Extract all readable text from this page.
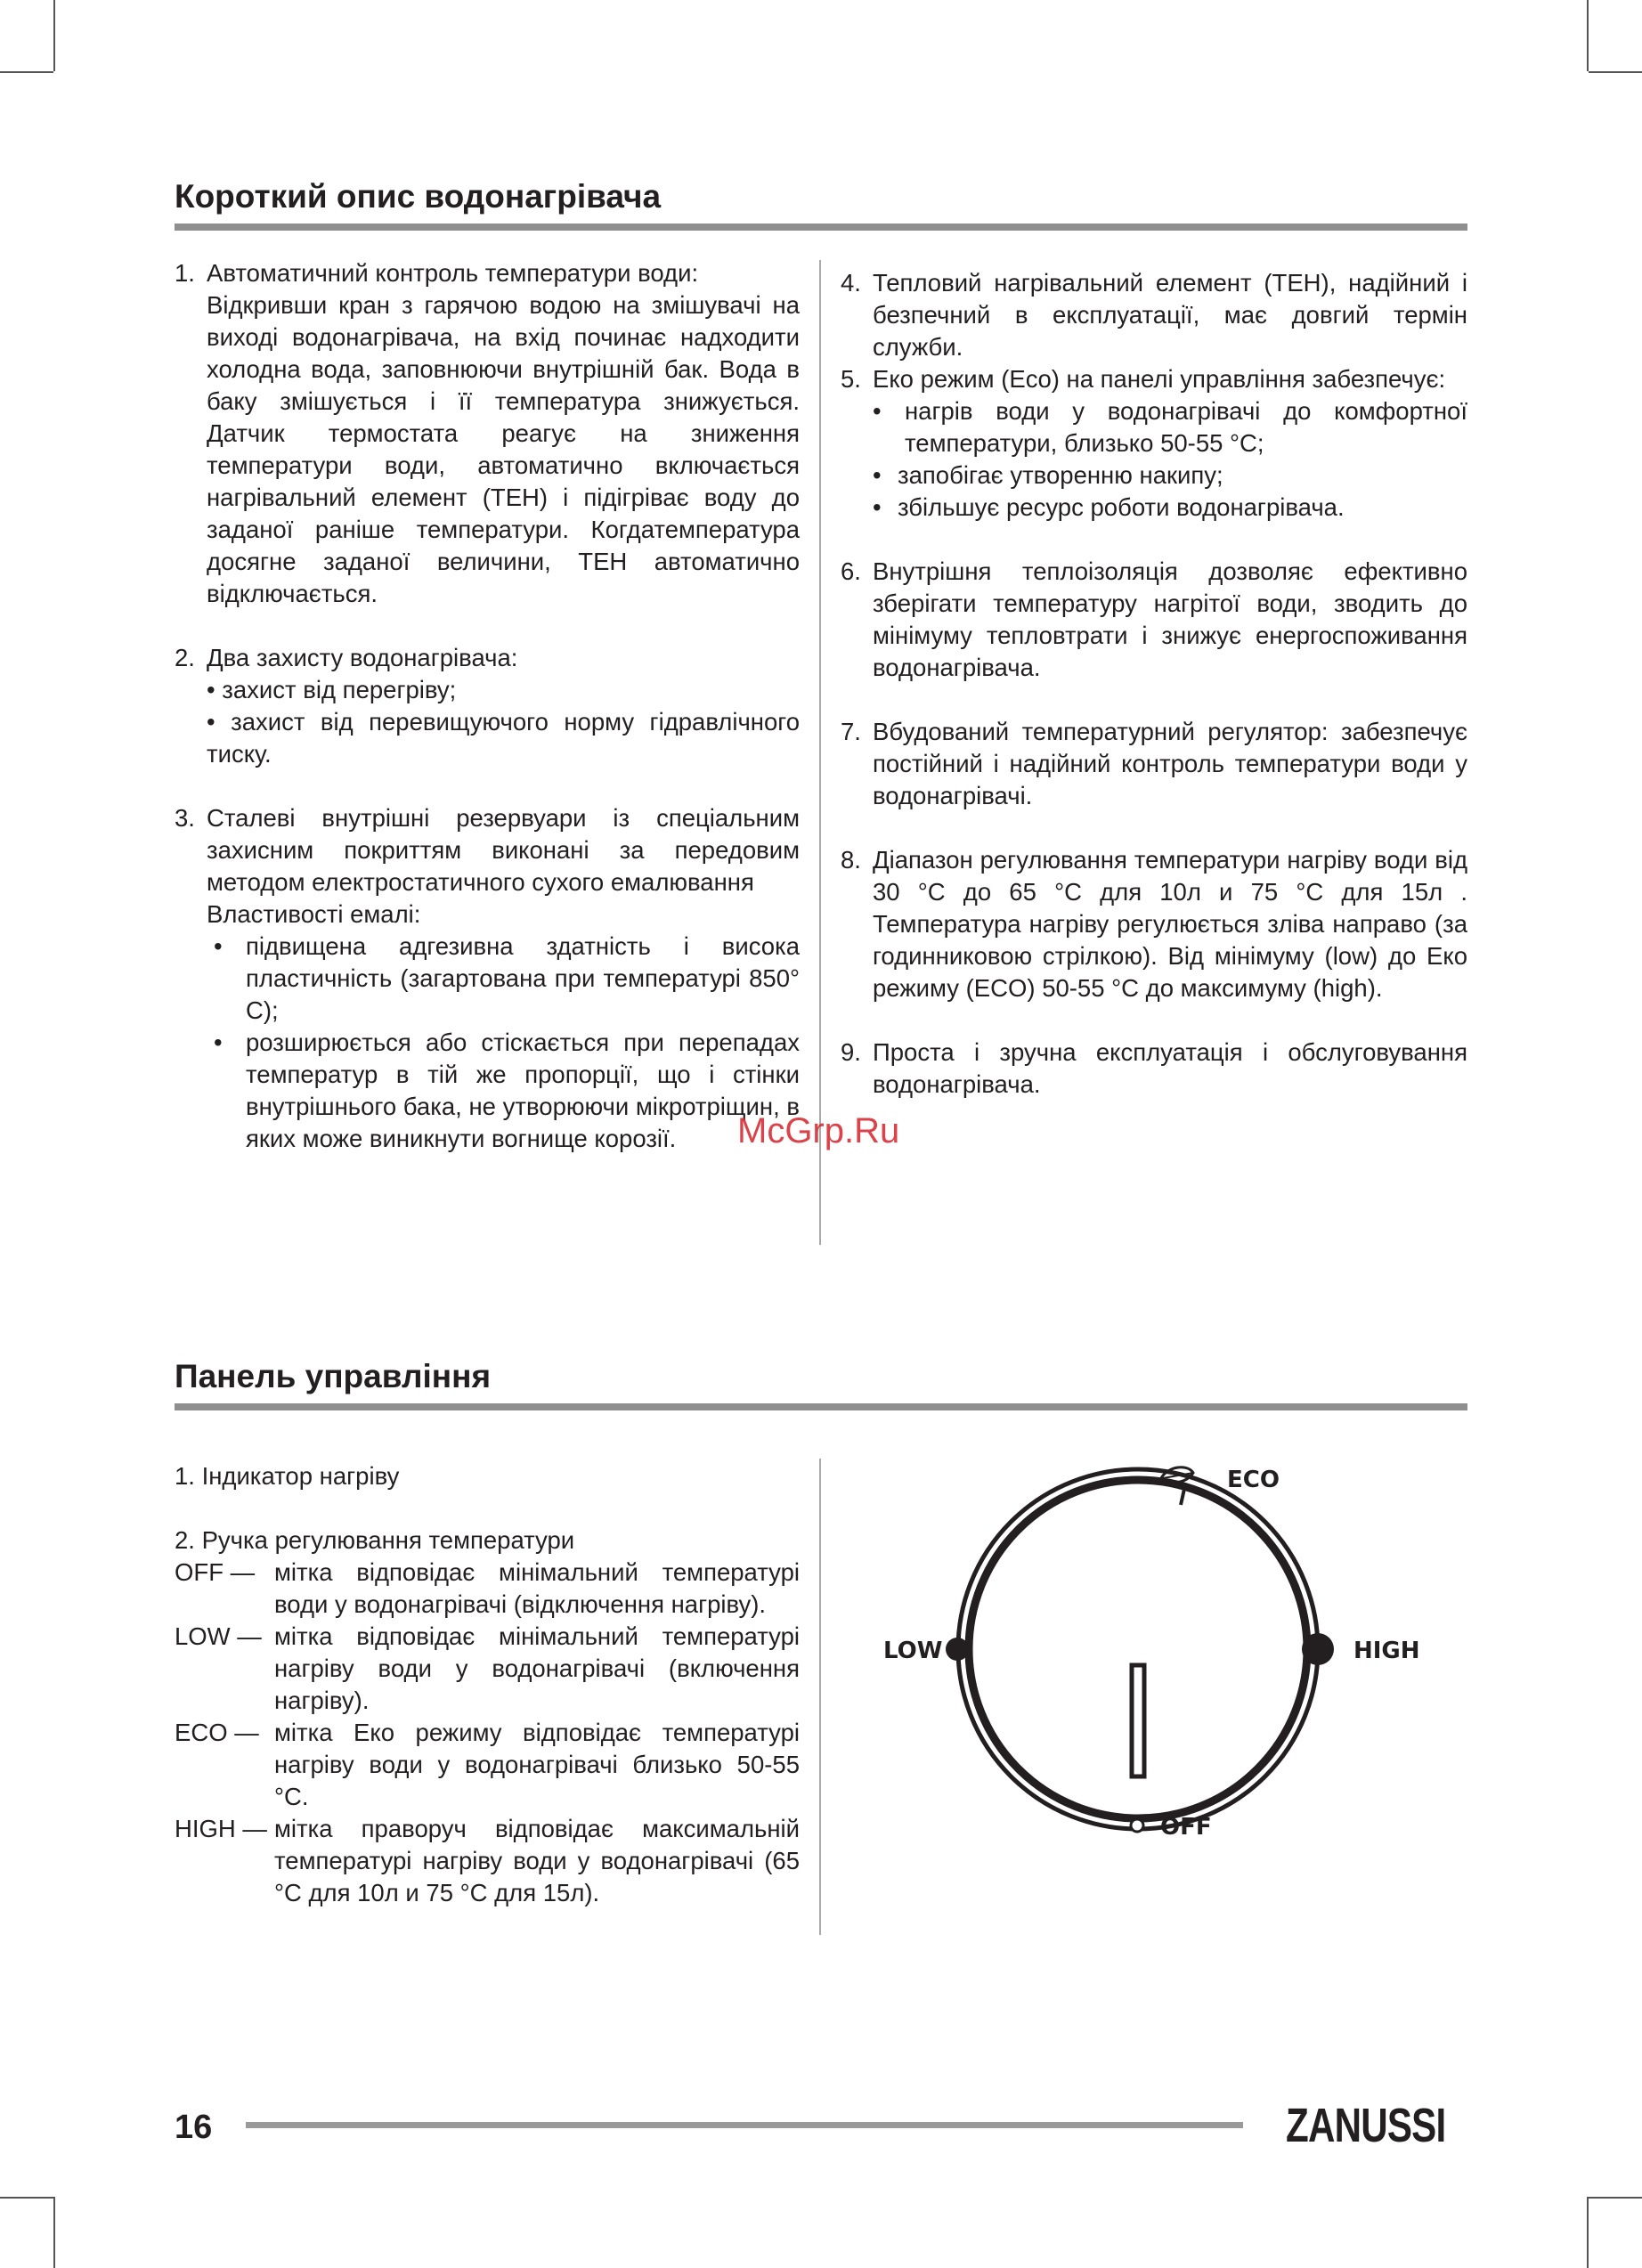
Короткий опис водонагрівача
1. Автоматичний контроль температури води:
Відкривши кран з гарячою водою на змішувачі на виході водонагрівача, на вхід починає надходити холодна вода, заповнюючи внутрішній бак. Вода в баку змішується і її температура знижується. Датчик термостата реагує на зниження температури води, автоматично включається нагрівальний елемент (ТЕН) і підігріває воду до заданої раніше температури. Когдатемпература досягне заданої величини, ТЕН автоматично відключається.
2. Два захисту водонагрівача:
• захист від перегріву;
• захист від перевищуючого норму гідравлічного тиску.
3. Сталеві внутрішні резервуари із спеціальним захисним покриттям виконані за передовим методом електростатичного сухого емалювання
Властивості емалі:
• підвищена адгезивна здатність і висока пластичність (загартована при температурі 850° С);
• розширюється або стіскається при перепадах температур в тій же пропорції, що і стінки внутрішнього бака, не утворюючи мікротріщин, в яких може виникнути вогнище корозії.
4. Тепловий нагрівальний елемент (ТЕН), надійний і безпечний в експлуатації, має довгий термін служби.
5. Еко режим (Eco) на панелі управління забезпечує:
• нагрів води у водонагрівачі до комфортної температури, близько 50-55 °С;
• запобігає утворенню накипу;
• збільшує ресурс роботи водонагрівача.
6. Внутрішня теплоізоляція дозволяє ефективно зберігати температуру нагрітої води, зводить до мінімуму тепловтрати і знижує енергоспоживання водонагрівача.
7. Вбудований температурний регулятор: забезпечує постійний і надійний контроль температури води у водонагрівачі.
8. Діапазон регулювання температури нагріву води від 30 °С до 65 °С для 10л и 75 °С для 15л . Температура нагріву регулюється зліва направо (за годинниковою стрілкою). Від мінімуму (low) до Еко режиму (ECO) 50-55 °С до максимуму (high).
9. Проста і зручна експлуатація і обслуговування водонагрівача.
McGrp.Ru
Панель управління

1. Індикатор нагріву

2. Ручка регулювання температури

OFF — мітка відповідає мінімальний температурі води у водонагрівачі (відключення нагріву).
LOW — мітка відповідає мінімальний температурі нагріву води у водонагрівачі (включення нагріву).
ECO — мітка Еко режиму відповідає температурі нагріву води у водонагрівачі близько 50-55 °С.
HIGH — мітка праворуч відповідає максимальній температурі нагріву води у водонагрівачі (65 °С для 10л и 75 °С для 15л).
ECO
LOW	HIGH
OFF
16	ZANUSSI
